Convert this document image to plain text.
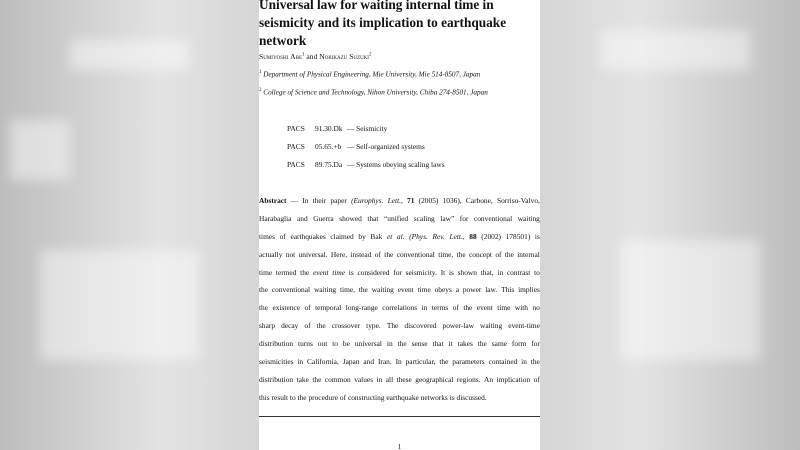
Universal law for waiting internal time in seismicity and its implication to earthquake network
Sumiyoshi Abe$^1$ and Norikazu Suzuki$^2$
$^1$ Department of Physical Engineering, Mie University, Mie 514-8507, Japan
$^2$ College of Science and Technology, Nihon University, Chiba 274-8501, Japan
PACS 91.30.Dk — Seismicity
PACS 05.65.+b — Self-organized systems
PACS 89.75.Da — Systems obeying scaling laws
Abstract — In their paper (Europhys. Lett., 71 (2005) 1036), Carbone, Sorriso-Valvo,
Harabaglia and Guerra showed that “unified scaling law” for conventional waiting
times of earthquakes claimed by Bak et al. (Phys. Rev. Lett., 88 (2002) 178501) is
actually not universal. Here, instead of the conventional time, the concept of the internal
time termed the event time is considered for seismicity. It is shown that, in contrast to
the conventional waiting time, the waiting event time obeys a power law. This implies
the existence of temporal long-range correlations in terms of the event time with no
sharp decay of the crossover type. The discovered power-law waiting event-time
distribution turns out to be universal in the sense that it takes the same form for
seismicities in California, Japan and Iran. In particular, the parameters contained in the
distribution take the common values in all these geographical regions. An implication of
this result to the procedure of constructing earthquake networks is discussed.
1
